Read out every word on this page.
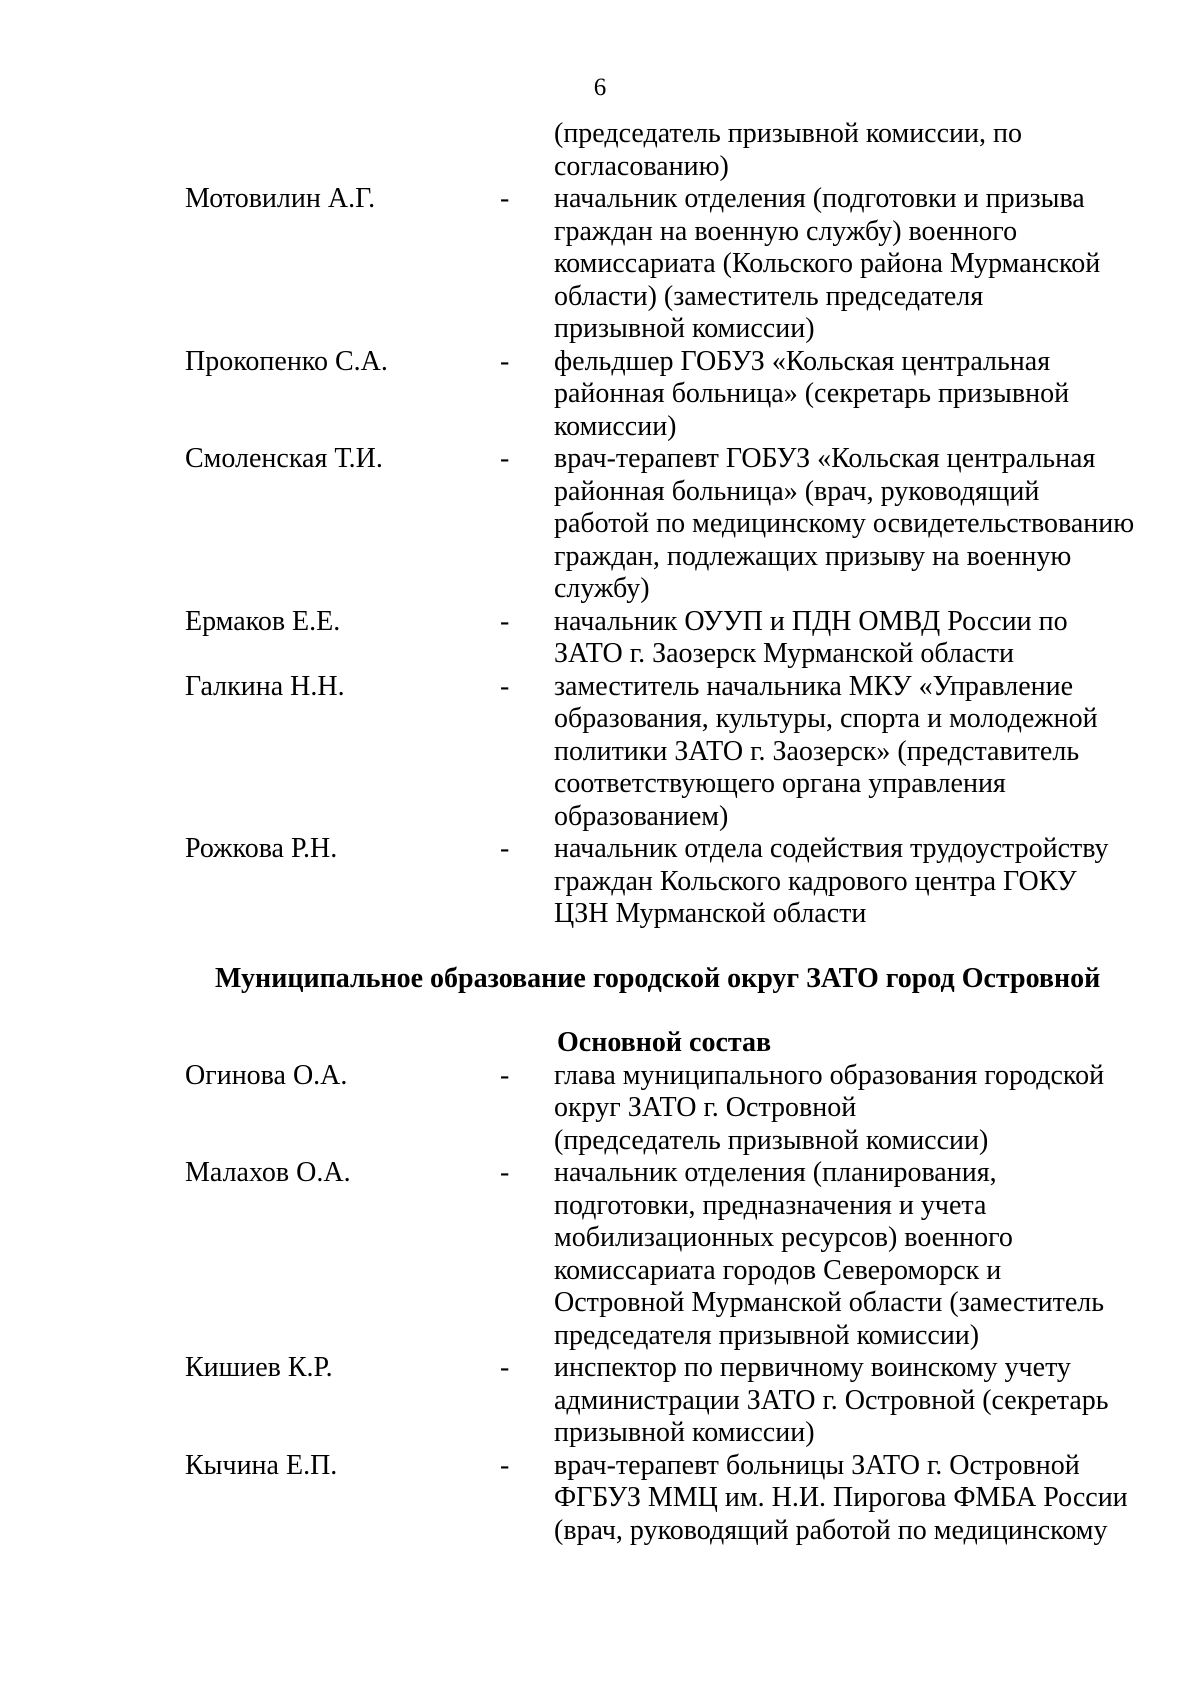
6
(председатель призывной комиссии, по
согласованию)
Мотовилин А.Г.	-	начальник отделения (подготовки и призыва
граждан на военную службу) военного
комиссариата (Кольского района Мурманской
области) (заместитель председателя
призывной комиссии)
Прокопенко С.А.	-	фельдшер ГОБУЗ «Кольская центральная
районная больница» (секретарь призывной
комиссии)
Смоленская Т.И.	-	врач-терапевт ГОБУЗ «Кольская центральная
районная больница» (врач, руководящий
работой по медицинскому освидетельствованию
граждан, подлежащих призыву на военную
службу)
Ермаков Е.Е.	-	начальник ОУУП и ПДН ОМВД России по
ЗАТО г. Заозерск Мурманской области
Галкина Н.Н.	-	заместитель начальника МКУ «Управление
образования, культуры, спорта и молодежной
политики ЗАТО г. Заозерск» (представитель
соответствующего органа управления
образованием)
Рожкова Р.Н.	-	начальник отдела содействия трудоустройству
граждан Кольского кадрового центра ГОКУ
ЦЗН Мурманской области
Муниципальное образование городской округ ЗАТО город Островной
Основной состав
Огинова О.А.	-	глава муниципального образования городской
округ ЗАТО г. Островной
(председатель призывной комиссии)
Малахов О.А.	-	начальник отделения (планирования,
подготовки, предназначения и учета
мобилизационных ресурсов) военного
комиссариата городов Североморск и
Островной Мурманской области (заместитель
председателя призывной комиссии)
Кишиев К.Р.	-	инспектор по первичному воинскому учету
администрации ЗАТО г. Островной (секретарь
призывной комиссии)
Кычина Е.П.	-	врач-терапевт больницы ЗАТО г. Островной
ФГБУЗ ММЦ им. Н.И. Пирогова ФМБА России
(врач, руководящий работой по медицинскому
